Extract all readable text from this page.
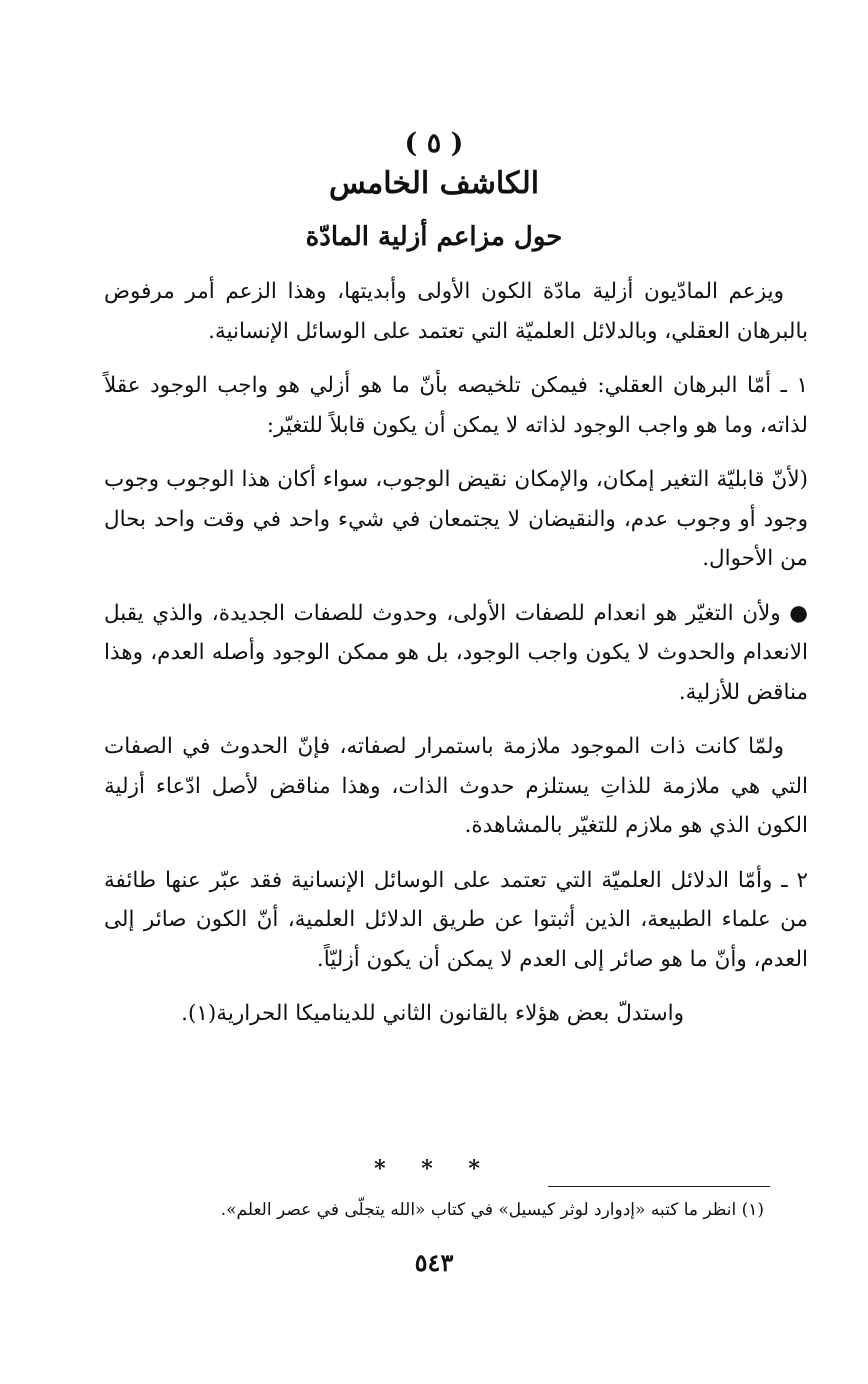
( ٥ )
الكاشف الخامس
حول مزاعم أزلية المادّة

ويزعم المادّيون أزلية مادّة الكون الأولى وأبديتها، وهذا الزعم أمر مرفوض بالبرهان العقلي، وبالدلائل العلميّة التي تعتمد على الوسائل الإنسانية.

١ ـ أمّا البرهان العقلي: فيمكن تلخيصه بأنّ ما هو أزلي هو واجب الوجود عقلاً لذاته، وما هو واجب الوجود لذاته لا يمكن أن يكون قابلاً للتغيّر:

(لأنّ قابليّة التغير إمكان، والإمكان نقيض الوجوب، سواء أكان هذا الوجوب وجوب وجود أو وجوب عدم، والنقيضان لا يجتمعان في شيء واحد في وقت واحد بحال من الأحوال.

● ولأن التغيّر هو انعدام للصفات الأولى، وحدوث للصفات الجديدة، والذي يقبل الانعدام والحدوث لا يكون واجب الوجود، بل هو ممكن الوجود وأصله العدم، وهذا مناقض للأزلية.

ولمّا كانت ذات الموجود ملازمة باستمرار لصفاته، فإنّ الحدوث في الصفات التي هي ملازمة للذاتِ يستلزم حدوث الذات، وهذا مناقض لأصل ادّعاء أزلية الكون الذي هو ملازم للتغيّر بالمشاهدة.

٢ ـ وأمّا الدلائل العلميّة التي تعتمد على الوسائل الإنسانية فقد عبّر عنها طائفة من علماء الطبيعة، الذين أثبتوا عن طريق الدلائل العلمية، أنّ الكون صائر إلى العدم، وأنّ ما هو صائر إلى العدم لا يمكن أن يكون أزليّاً.

واستدلّ بعض هؤلاء بالقانون الثاني للديناميكا الحرارية(١).

* * *
(١) انظر ما كتبه «إدوارد لوثر كيسيل» في كتاب «الله يتجلّى في عصر العلم».
٥٤٣
